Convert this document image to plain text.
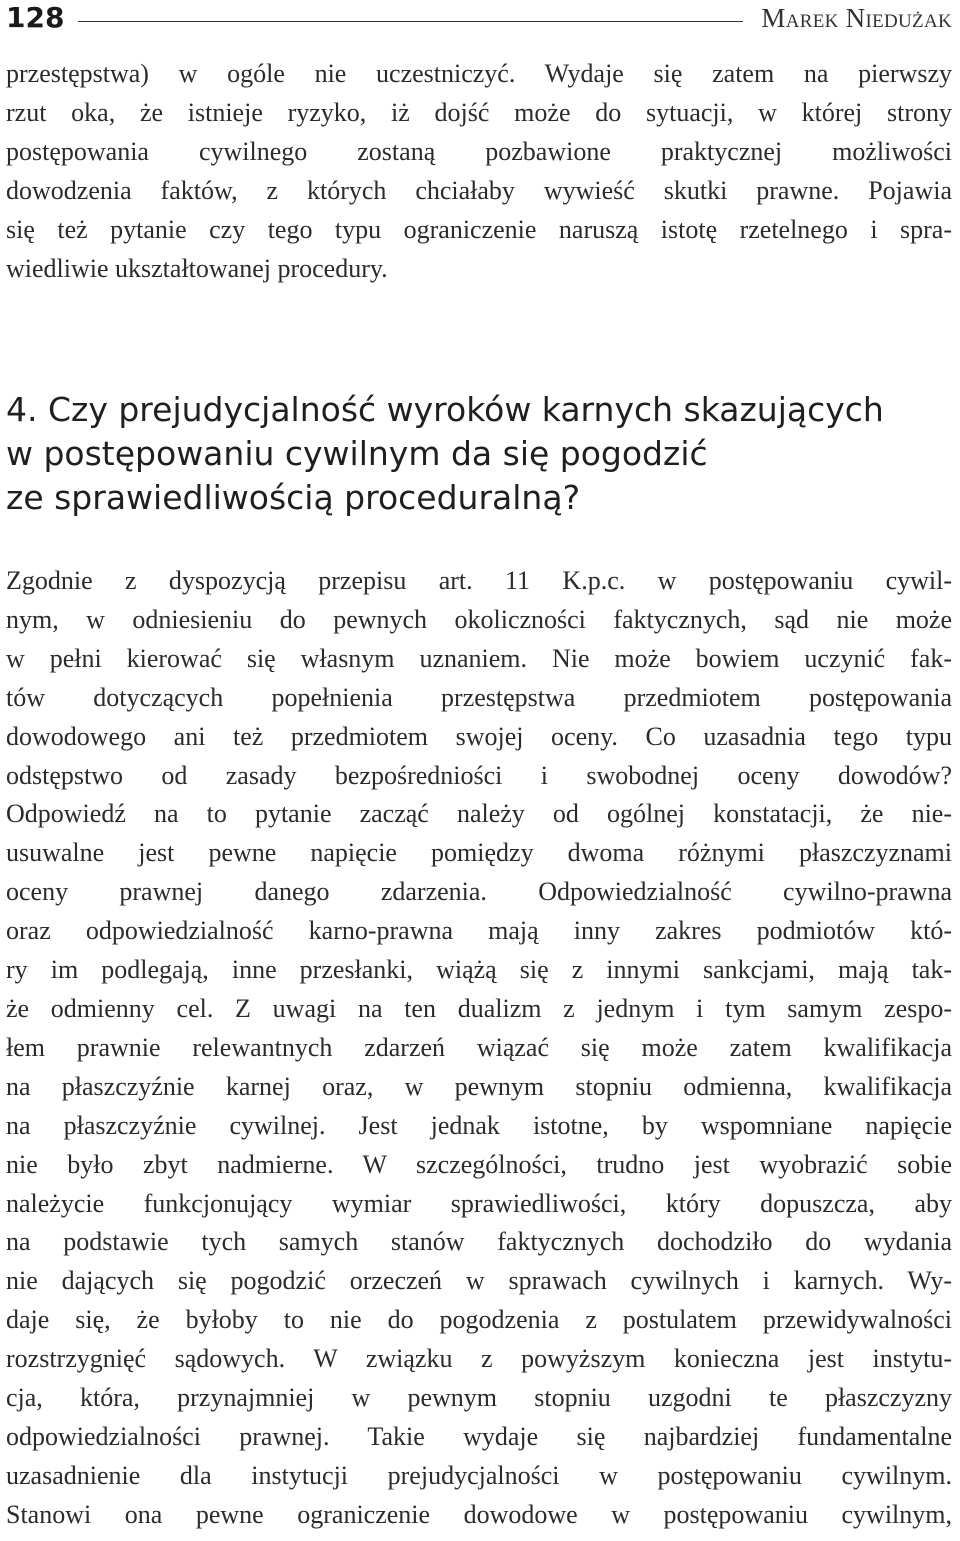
128	Marek Niedużak
przestępstwa) w ogóle nie uczestniczyć. Wydaje się zatem na pierwszy
rzut oka, że istnieje ryzyko, iż dojść może do sytuacji, w której strony
postępowania cywilnego zostaną pozbawione praktycznej możliwości
dowodzenia faktów, z których chciałaby wywieść skutki prawne. Pojawia
się też pytanie czy tego typu ograniczenie naruszą istotę rzetelnego i spra-
wiedliwie ukształtowanej procedury.
4. Czy prejudycjalność wyroków karnych skazujących
w postępowaniu cywilnym da się pogodzić
ze sprawiedliwością proceduralną?
Zgodnie z dyspozycją przepisu art. 11 K.p.c. w postępowaniu cywil-
nym, w odniesieniu do pewnych okoliczności faktycznych, sąd nie może
w pełni kierować się własnym uznaniem. Nie może bowiem uczynić fak-
tów dotyczących popełnienia przestępstwa przedmiotem postępowania
dowodowego ani też przedmiotem swojej oceny. Co uzasadnia tego typu
odstępstwo od zasady bezpośredniości i swobodnej oceny dowodów?
Odpowiedź na to pytanie zacząć należy od ogólnej konstatacji, że nie-
usuwalne jest pewne napięcie pomiędzy dwoma różnymi płaszczyznami
oceny prawnej danego zdarzenia. Odpowiedzialność cywilno-prawna
oraz odpowiedzialność karno-prawna mają inny zakres podmiotów któ-
ry im podlegają, inne przesłanki, wiążą się z innymi sankcjami, mają tak-
że odmienny cel. Z uwagi na ten dualizm z jednym i tym samym zespo-
łem prawnie relewantnych zdarzeń wiązać się może zatem kwalifikacja
na płaszczyźnie karnej oraz, w pewnym stopniu odmienna, kwalifikacja
na płaszczyźnie cywilnej. Jest jednak istotne, by wspomniane napięcie
nie było zbyt nadmierne. W szczególności, trudno jest wyobrazić sobie
należycie funkcjonujący wymiar sprawiedliwości, który dopuszcza, aby
na podstawie tych samych stanów faktycznych dochodziło do wydania
nie dających się pogodzić orzeczeń w sprawach cywilnych i karnych. Wy-
daje się, że byłoby to nie do pogodzenia z postulatem przewidywalności
rozstrzygnięć sądowych. W związku z powyższym konieczna jest instytu-
cja, która, przynajmniej w pewnym stopniu uzgodni te płaszczyzny
odpowiedzialności prawnej. Takie wydaje się najbardziej fundamentalne
uzasadnienie dla instytucji prejudycjalności w postępowaniu cywilnym.
Stanowi ona pewne ograniczenie dowodowe w postępowaniu cywilnym,
